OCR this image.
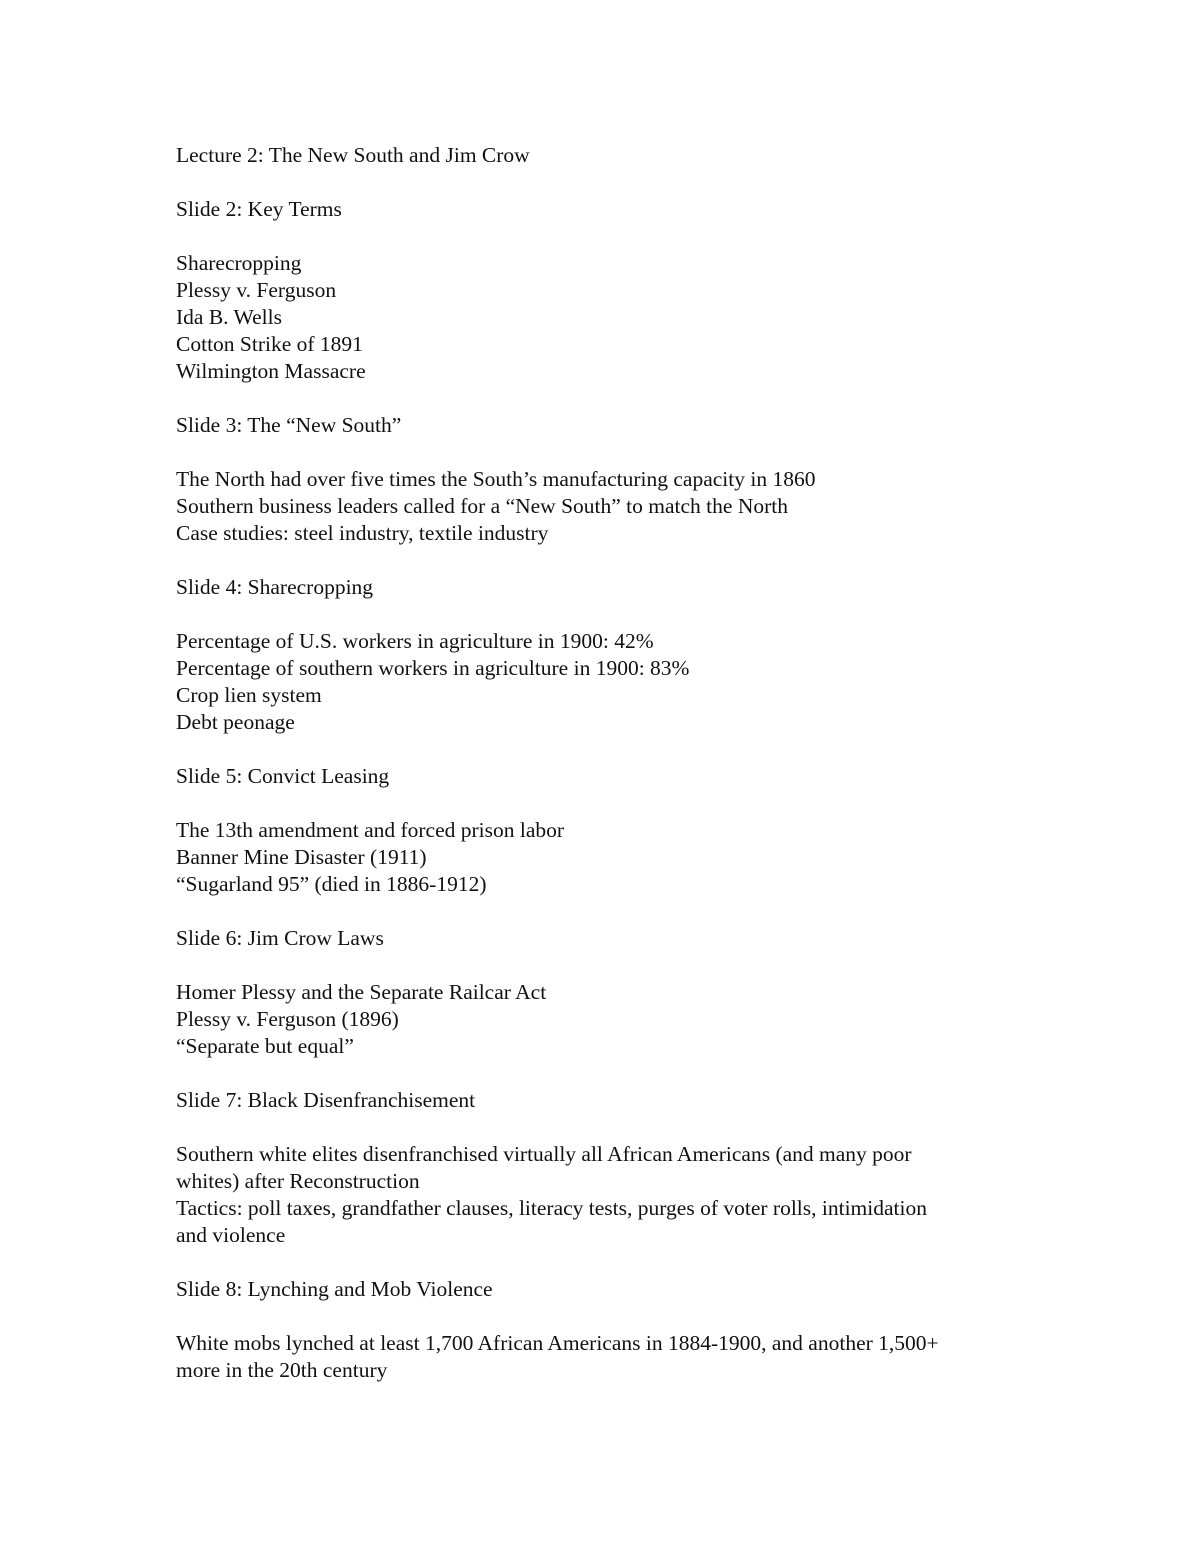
Lecture 2: The New South and Jim Crow
Slide 2: Key Terms
Sharecropping
Plessy v. Ferguson
Ida B. Wells
Cotton Strike of 1891
Wilmington Massacre
Slide 3: The “New South”
The North had over five times the South’s manufacturing capacity in 1860
Southern business leaders called for a “New South” to match the North
Case studies: steel industry, textile industry
Slide 4: Sharecropping
Percentage of U.S. workers in agriculture in 1900: 42%
Percentage of southern workers in agriculture in 1900: 83%
Crop lien system
Debt peonage
Slide 5: Convict Leasing
The 13th amendment and forced prison labor
Banner Mine Disaster (1911)
“Sugarland 95” (died in 1886-1912)
Slide 6: Jim Crow Laws
Homer Plessy and the Separate Railcar Act
Plessy v. Ferguson (1896)
“Separate but equal”
Slide 7: Black Disenfranchisement
Southern white elites disenfranchised virtually all African Americans (and many poor
whites) after Reconstruction
Tactics: poll taxes, grandfather clauses, literacy tests, purges of voter rolls, intimidation
and violence
Slide 8: Lynching and Mob Violence
White mobs lynched at least 1,700 African Americans in 1884-1900, and another 1,500+
more in the 20th century
